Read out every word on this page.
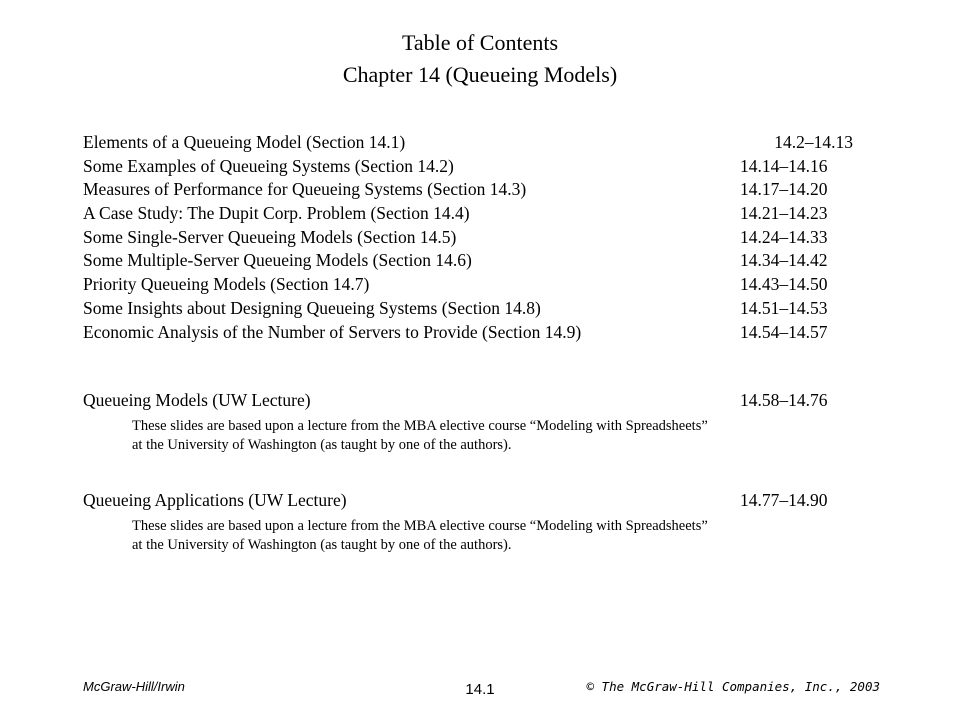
Table of Contents
Chapter 14 (Queueing Models)
Elements of a Queueing Model (Section 14.1)	14.2–14.13
Some Examples of Queueing Systems (Section 14.2)	14.14–14.16
Measures of Performance for Queueing Systems (Section 14.3)	14.17–14.20
A Case Study: The Dupit Corp. Problem (Section 14.4)	14.21–14.23
Some Single-Server Queueing Models (Section 14.5)	14.24–14.33
Some Multiple-Server Queueing Models (Section 14.6)	14.34–14.42
Priority Queueing Models (Section 14.7)	14.43–14.50
Some Insights about Designing Queueing Systems (Section 14.8)	14.51–14.53
Economic Analysis of the Number of Servers to Provide (Section 14.9)	14.54–14.57
Queueing Models (UW Lecture)	14.58–14.76
These slides are based upon a lecture from the MBA elective course “Modeling with Spreadsheets”
at the University of Washington (as taught by one of the authors).
Queueing Applications (UW Lecture)	14.77–14.90
These slides are based upon a lecture from the MBA elective course “Modeling with Spreadsheets”
at the University of Washington (as taught by one of the authors).
McGraw-Hill/Irwin	14.1	© The McGraw-Hill Companies, Inc., 2003
